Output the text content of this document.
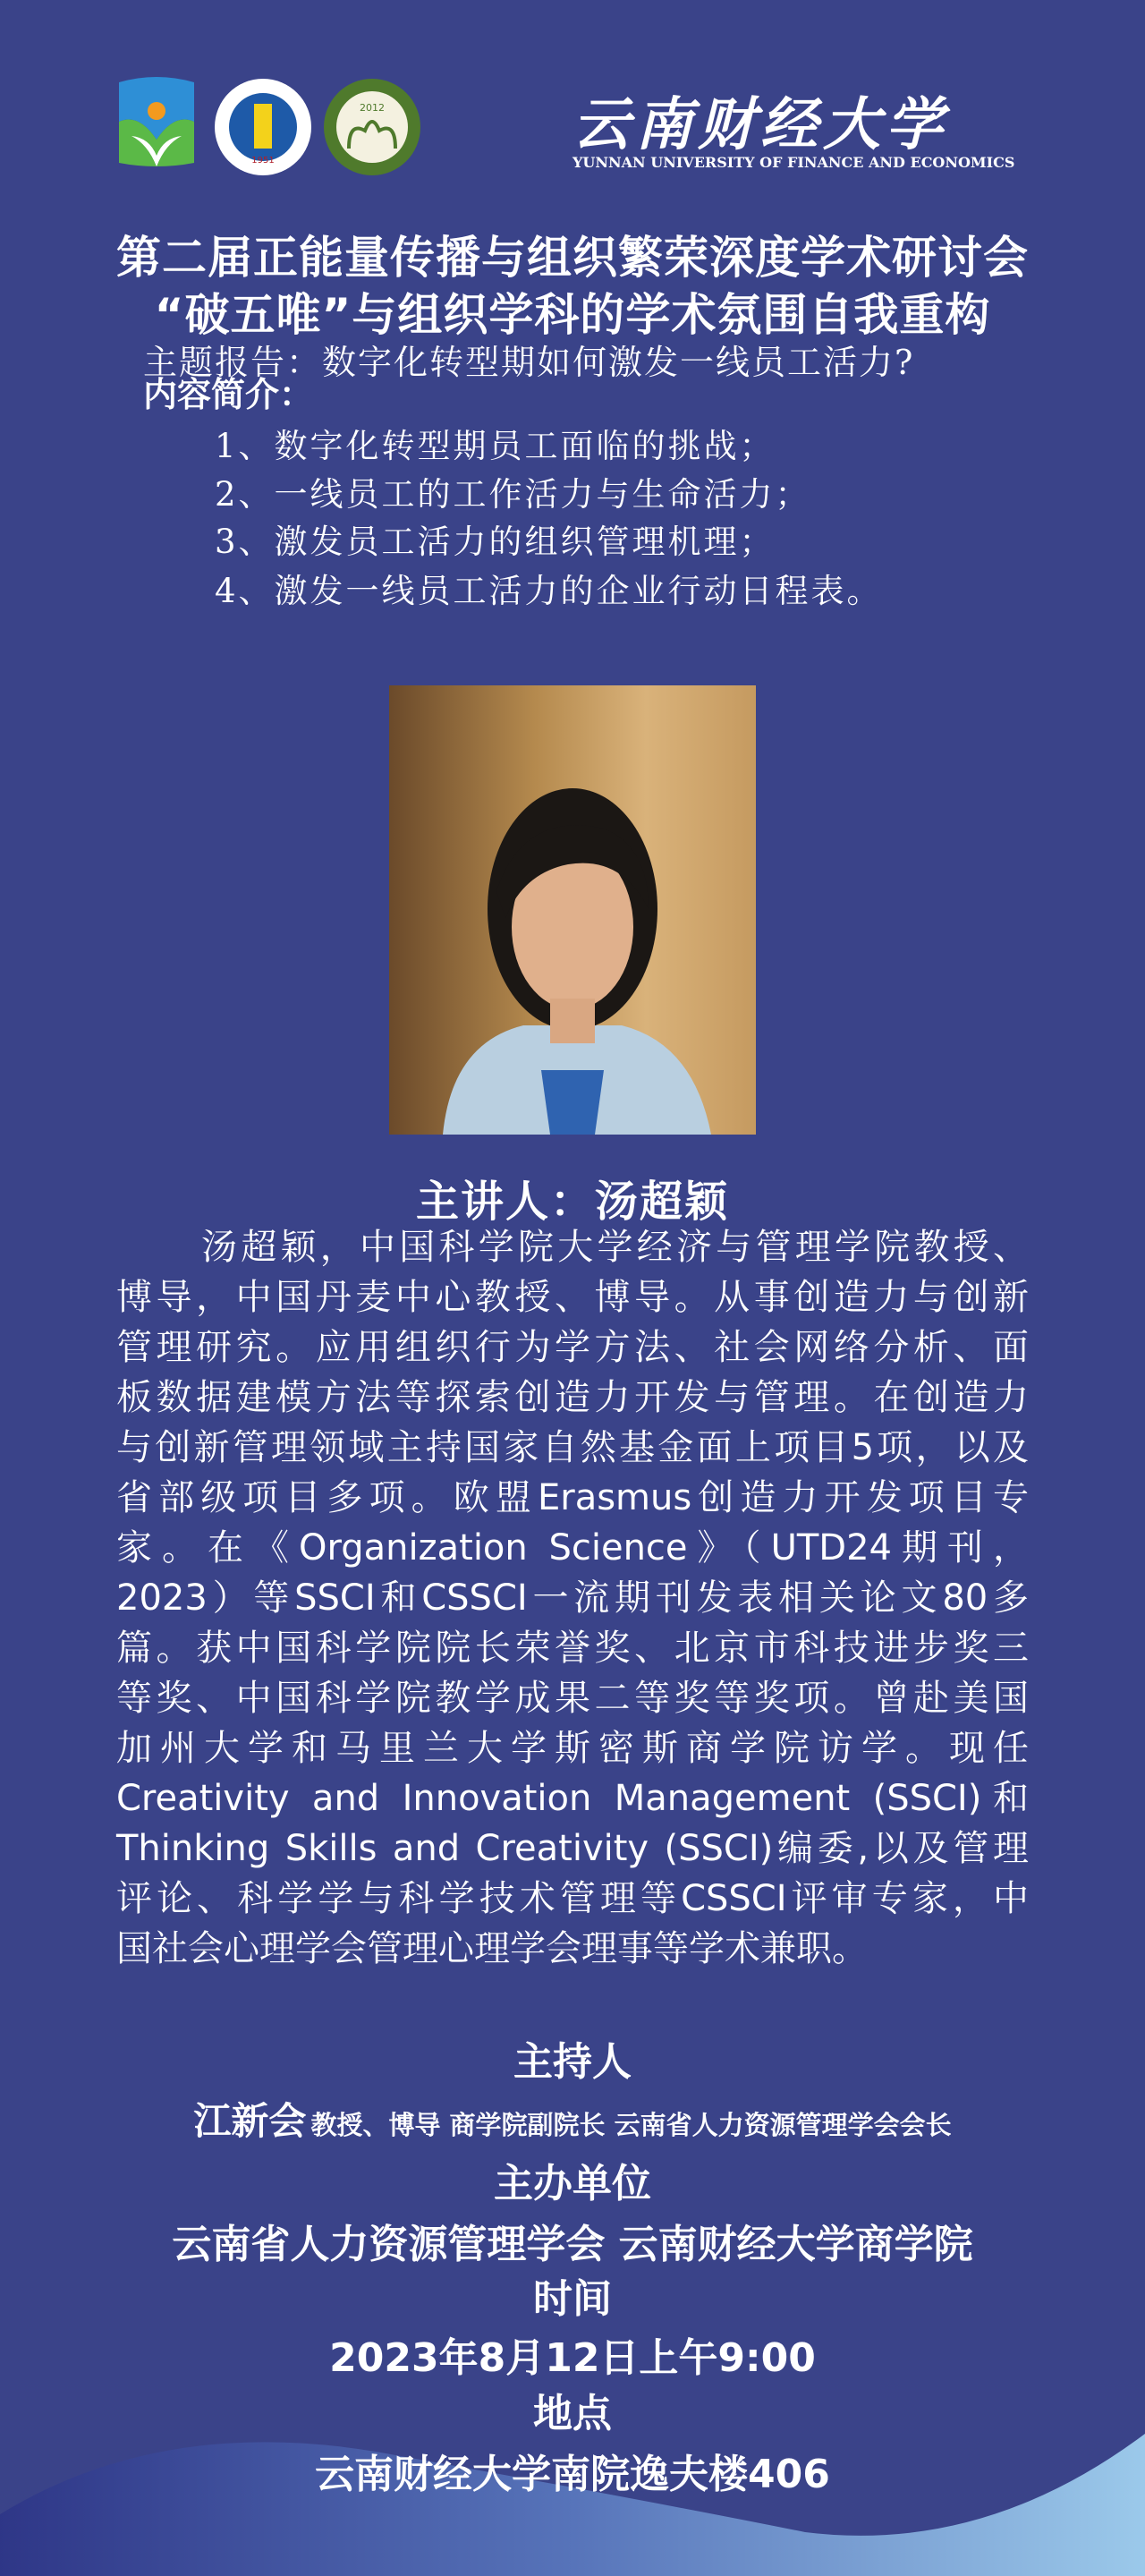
1951
2012	云南财经大学
YUNNAN UNIVERSITY OF FINANCE AND ECONOMICS
第二届正能量传播与组织繁荣深度学术研讨会
“破五唯”与组织学科的学术氛围自我重构
主题报告：数字化转型期如何激发一线员工活力?
内容简介：
1、数字化转型期员工面临的挑战；
2、一线员工的工作活力与生命活力；
3、激发员工活力的组织管理机理；
4、激发一线员工活力的企业行动日程表。
主讲人：汤超颖
汤超颖，中国科学院大学经济与管理学院教授、
博导，中国丹麦中心教授、博导。从事创造力与创新
管理研究。应用组织行为学方法、社会网络分析、面
板数据建模方法等探索创造力开发与管理。在创造力
与创新管理领域主持国家自然基金面上项目5项，以及
省部级项目多项。欧盟Erasmus创造力开发项目专
家。在《Organization Science》（UTD24期刊，
2023）等SSCI和CSSCI一流期刊发表相关论文80多
篇。获中国科学院院长荣誉奖、北京市科技进步奖三
等奖、中国科学院教学成果二等奖等奖项。曾赴美国
加州大学和马里兰大学斯密斯商学院访学。现任
Creativity and Innovation Management (SSCI)和
Thinking Skills and Creativity (SSCI)编委,以及管理
评论、科学学与科学技术管理等CSSCI评审专家，中
国社会心理学会管理心理学会理事等学术兼职。
主持人
江新会 教授、博导 商学院副院长 云南省人力资源管理学会会长
主办单位
云南省人力资源管理学会 云南财经大学商学院
时间
2023年8月12日上午9:00
地点
云南财经大学南院逸夫楼406
